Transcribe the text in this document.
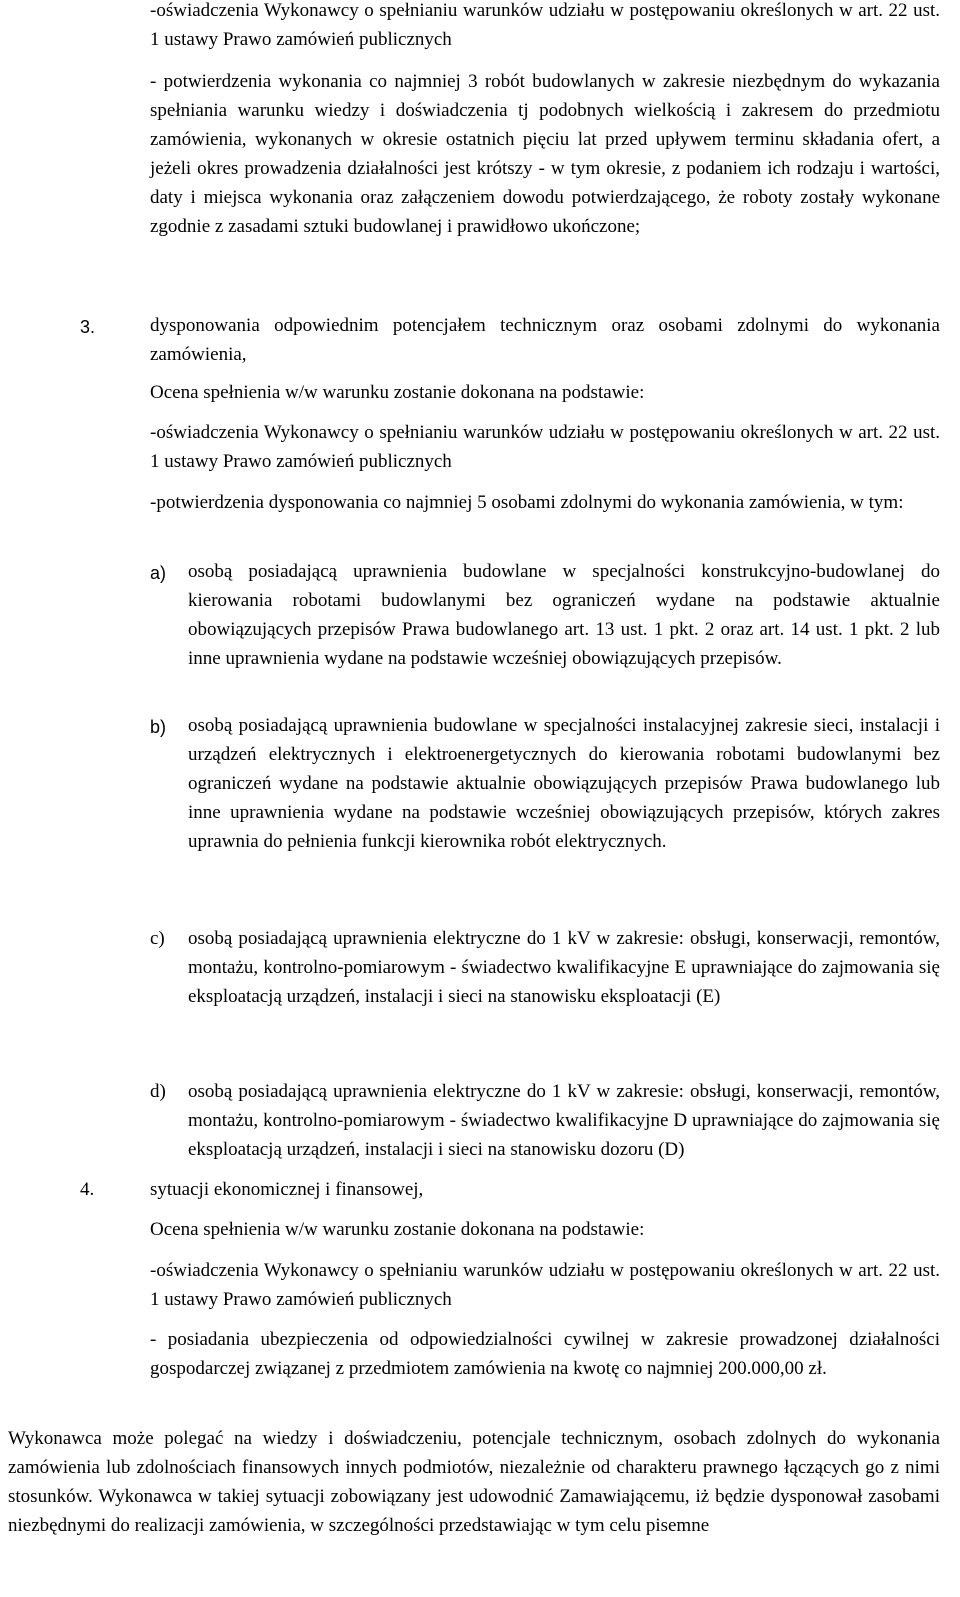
-oświadczenia Wykonawcy o spełnianiu warunków udziału w postępowaniu określonych w art. 22 ust. 1 ustawy Prawo zamówień publicznych

- potwierdzenia wykonania co najmniej 3 robót budowlanych w zakresie niezbędnym do wykazania spełniania warunku wiedzy i doświadczenia tj podobnych wielkością i zakresem do przedmiotu zamówienia, wykonanych w okresie ostatnich pięciu lat przed upływem terminu składania ofert, a jeżeli okres prowadzenia działalności jest krótszy - w tym okresie, z podaniem ich rodzaju i wartości, daty i miejsca wykonania oraz załączeniem dowodu potwierdzającego, że roboty zostały wykonane zgodnie z zasadami sztuki budowlanej i prawidłowo ukończone;

3.	dysponowania odpowiednim potencjałem technicznym oraz osobami zdolnymi do wykonania zamówienia,

Ocena spełnienia w/w warunku zostanie dokonana na podstawie:

-oświadczenia Wykonawcy o spełnianiu warunków udziału w postępowaniu określonych w art. 22 ust. 1 ustawy Prawo zamówień publicznych

-potwierdzenia dysponowania co najmniej 5 osobami zdolnymi do wykonania zamówienia, w tym:

a) osobą posiadającą uprawnienia budowlane w specjalności konstrukcyjno-budowlanej do kierowania robotami budowlanymi bez ograniczeń wydane na podstawie aktualnie obowiązujących przepisów Prawa budowlanego art. 13 ust. 1 pkt. 2 oraz art. 14 ust. 1 pkt. 2 lub inne uprawnienia wydane na podstawie wcześniej obowiązujących przepisów.

b) osobą posiadającą uprawnienia budowlane w specjalności instalacyjnej zakresie sieci, instalacji i urządzeń elektrycznych i elektroenergetycznych do kierowania robotami budowlanymi bez ograniczeń wydane na podstawie aktualnie obowiązujących przepisów Prawa budowlanego lub inne uprawnienia wydane na podstawie wcześniej obowiązujących przepisów, których zakres uprawnia do pełnienia funkcji kierownika robót elektrycznych.

c) osobą posiadającą uprawnienia elektryczne do 1 kV w zakresie: obsługi, konserwacji, remontów, montażu, kontrolno-pomiarowym - świadectwo kwalifikacyjne E uprawniające do zajmowania się eksploatacją urządzeń, instalacji i sieci na stanowisku eksploatacji (E)

d) osobą posiadającą uprawnienia elektryczne do 1 kV w zakresie: obsługi, konserwacji, remontów, montażu, kontrolno-pomiarowym - świadectwo kwalifikacyjne D uprawniające do zajmowania się eksploatacją urządzeń, instalacji i sieci na stanowisku dozoru (D)

4.	sytuacji ekonomicznej i finansowej,

Ocena spełnienia w/w warunku zostanie dokonana na podstawie:

-oświadczenia Wykonawcy o spełnianiu warunków udziału w postępowaniu określonych w art. 22 ust. 1 ustawy Prawo zamówień publicznych

- posiadania ubezpieczenia od odpowiedzialności cywilnej w zakresie prowadzonej działalności gospodarczej związanej z przedmiotem zamówienia na kwotę co najmniej 200.000,00 zł.

Wykonawca może polegać na wiedzy i doświadczeniu, potencjale technicznym, osobach zdolnych do wykonania zamówienia lub zdolnościach finansowych innych podmiotów, niezależnie od charakteru prawnego łączących go z nimi stosunków. Wykonawca w takiej sytuacji zobowiązany jest udowodnić Zamawiającemu, iż będzie dysponował zasobami niezbędnymi do realizacji zamówienia, w szczególności przedstawiając w tym celu pisemne
